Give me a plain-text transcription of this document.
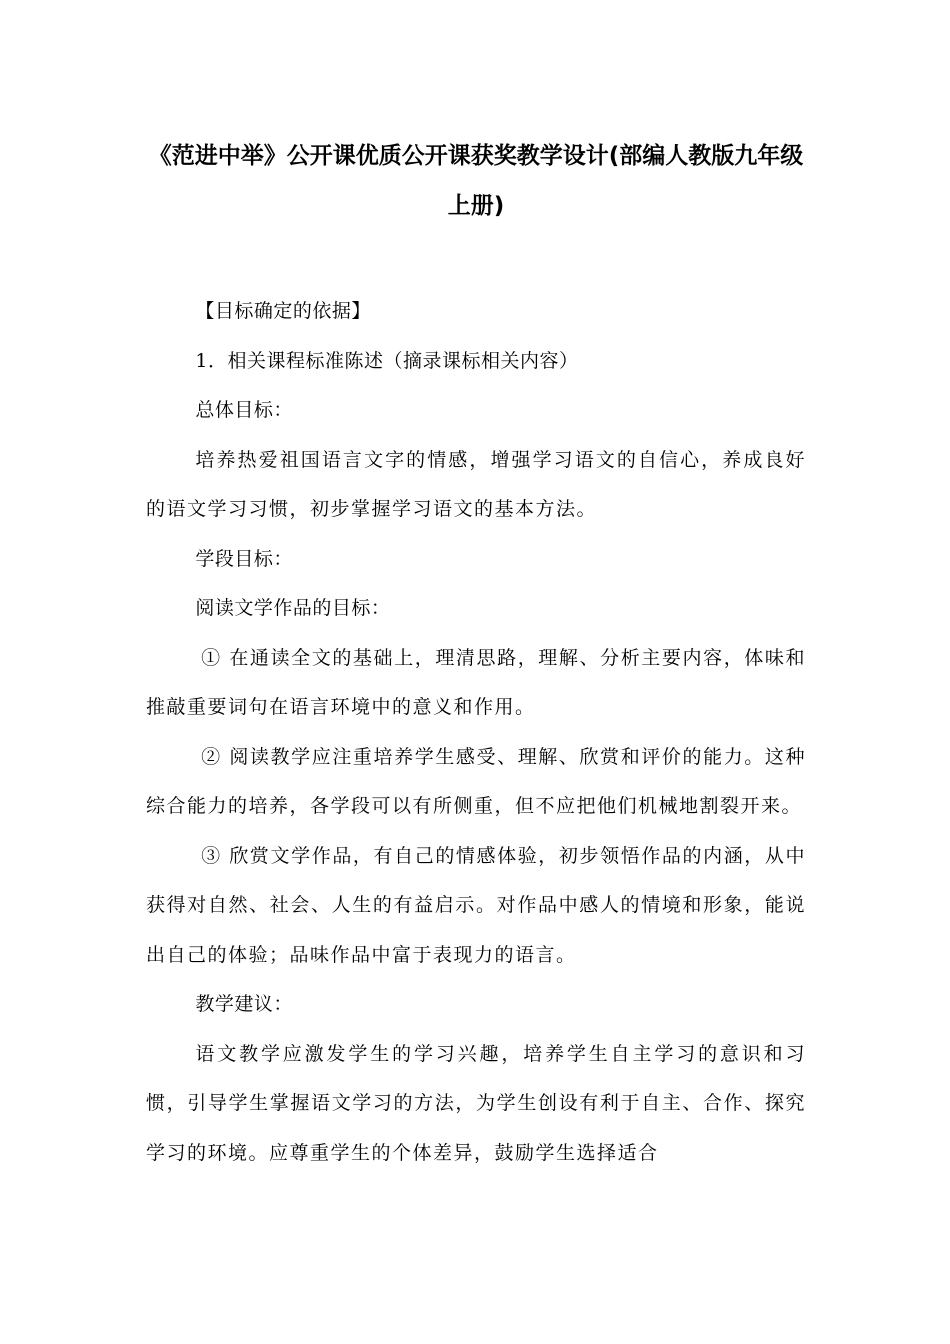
《范进中举》公开课优质公开课获奖教学设计(部编人教版九年级上册)

【目标确定的依据】

1．相关课程标准陈述（摘录课标相关内容）

总体目标：

培养热爱祖国语言文字的情感，增强学习语文的自信心，养成良好的语文学习习惯，初步掌握学习语文的基本方法。

学段目标：

阅读文学作品的目标：

① 在通读全文的基础上，理清思路，理解、分析主要内容，体味和推敲重要词句在语言环境中的意义和作用。

② 阅读教学应注重培养学生感受、理解、欣赏和评价的能力。这种综合能力的培养，各学段可以有所侧重，但不应把他们机械地割裂开来。

③ 欣赏文学作品，有自己的情感体验，初步领悟作品的内涵，从中获得对自然、社会、人生的有益启示。对作品中感人的情境和形象，能说出自己的体验；品味作品中富于表现力的语言。

教学建议：

语文教学应激发学生的学习兴趣，培养学生自主学习的意识和习惯，引导学生掌握语文学习的方法，为学生创设有利于自主、合作、探究学习的环境。应尊重学生的个体差异，鼓励学生选择适合
